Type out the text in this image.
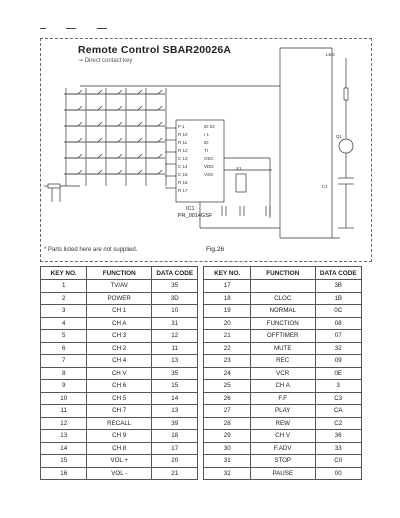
P 1
R 10
R 11
R 12
C 13
C 14
C 15
R 16
R 17
ID 22
I 1
ID
TI
OSC
VDD
VSS
X1
LED
Q1
C1
Remote Control SBAR20026A
⊸ Direct contact key
IC1
PR_9014GSF
* Parts listed here are not supplied.	Fig.26
KEY NO.	FUNCTION	DATA CODE		KEY NO.	FUNCTION	DATA CODE
1	TV/AV	35		17		3B
2	POWER	3D		18	CLOC	1B
3	CH 1	10		19	NORMAL	0C
4	CH A	31		20	FUNCTION	08
5	CH 3	12		21	OFFTIMER	07
6	CH 2	11		22	MUTE	32
7	CH 4	13		23	REC	09
8	CH V	35		24	VCR	0E
9	CH 6	15		25	CH A	3
10	CH 5	14		26	F.F	C3
11	CH 7	13		27	PLAY	CA
12	RECALL	39		28	REW	C2
13	CH 9	18		29	CH V	36
14	CH 8	17		30	F.ADV	33
15	VOL +	20		31	STOP	C0
16	VOL -	21		32	PAUSE	00
